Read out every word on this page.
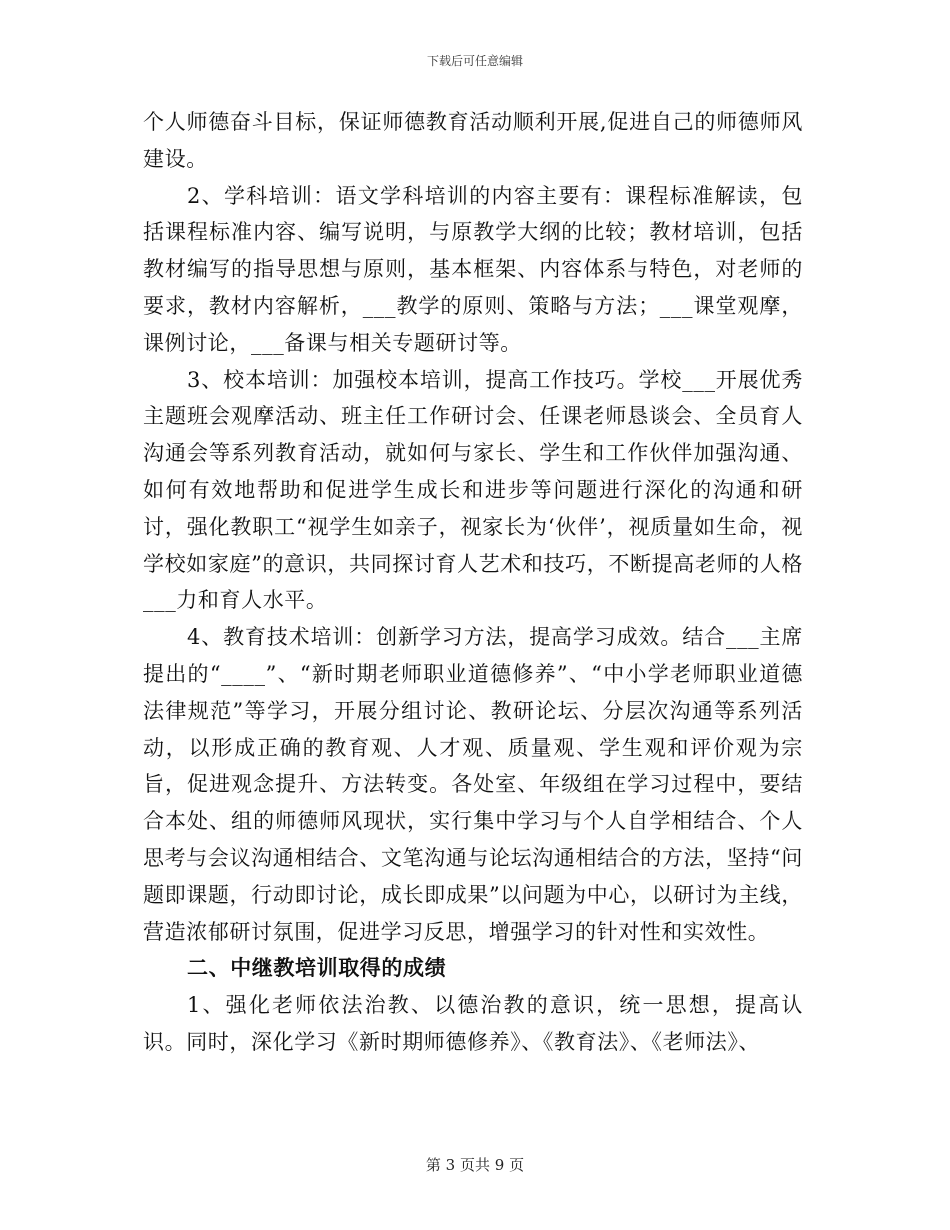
下载后可任意编辑

个人师德奋斗目标，保证师德教育活动顺利开展,促进自己的师德师风建设。

2、学科培训：语文学科培训的内容主要有：课程标准解读，包括课程标准内容、编写说明，与原教学大纲的比较；教材培训，包括教材编写的指导思想与原则，基本框架、内容体系与特色，对老师的要求，教材内容解析，___教学的原则、策略与方法；___课堂观摩，课例讨论，___备课与相关专题研讨等。

3、校本培训：加强校本培训，提高工作技巧。学校___开展优秀主题班会观摩活动、班主任工作研讨会、任课老师恳谈会、全员育人沟通会等系列教育活动，就如何与家长、学生和工作伙伴加强沟通、如何有效地帮助和促进学生成长和进步等问题进行深化的沟通和研讨，强化教职工“视学生如亲子，视家长为‘伙伴’，视质量如生命，视学校如家庭”的意识，共同探讨育人艺术和技巧，不断提高老师的人格___力和育人水平。

4、教育技术培训：创新学习方法，提高学习成效。结合___主席提出的“____”、“新时期老师职业道德修养”、“中小学老师职业道德法律规范”等学习，开展分组讨论、教研论坛、分层次沟通等系列活动，以形成正确的教育观、人才观、质量观、学生观和评价观为宗旨，促进观念提升、方法转变。各处室、年级组在学习过程中，要结合本处、组的师德师风现状，实行集中学习与个人自学相结合、个人思考与会议沟通相结合、文笔沟通与论坛沟通相结合的方法，坚持“问题即课题，行动即讨论，成长即成果”以问题为中心，以研讨为主线，营造浓郁研讨氛围，促进学习反思，增强学习的针对性和实效性。

二、中继教培训取得的成绩

1、强化老师依法治教、以德治教的意识，统一思想，提高认识。同时，深化学习《新时期师德修养》、《教育法》、《老师法》、

第 3 页共 9 页
